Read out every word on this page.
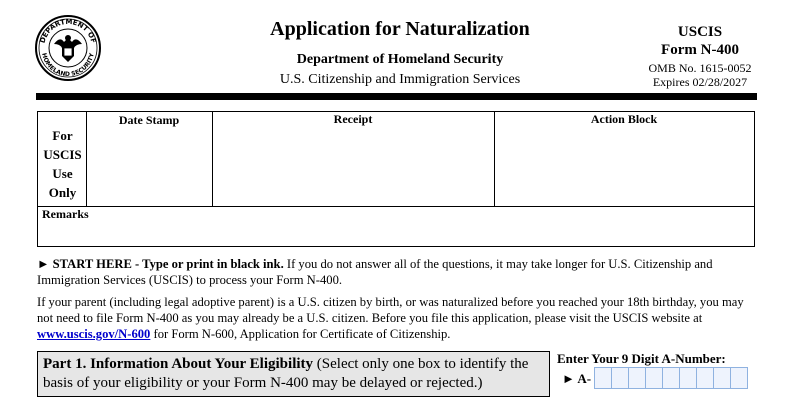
DEPARTMENT OF
HOMELAND SECURITY
Application for Naturalization
Department of Homeland Security
U.S. Citizenship and Immigration Services
USCIS
Form N-400
OMB No. 1615-0052
Expires 02/28/2027
For
USCIS
Use
Only
Date Stamp	Receipt	Action Block
Remarks
► START HERE - Type or print in black ink. If you do not answer all of the questions, it may take longer for U.S. Citizenship and Immigration Services (USCIS) to process your Form N-400.
If your parent (including legal adoptive parent) is a U.S. citizen by birth, or was naturalized before you reached your 18th birthday, you may not need to file Form N-400 as you may already be a U.S. citizen. Before you file this application, please visit the USCIS website at www.uscis.gov/N-600 for Form N-600, Application for Certificate of Citizenship.
Part 1. Information About Your Eligibility (Select only one box to identify the basis of your eligibility or your Form N-400 may be delayed or rejected.)
Enter Your 9 Digit A-Number:
► A-
